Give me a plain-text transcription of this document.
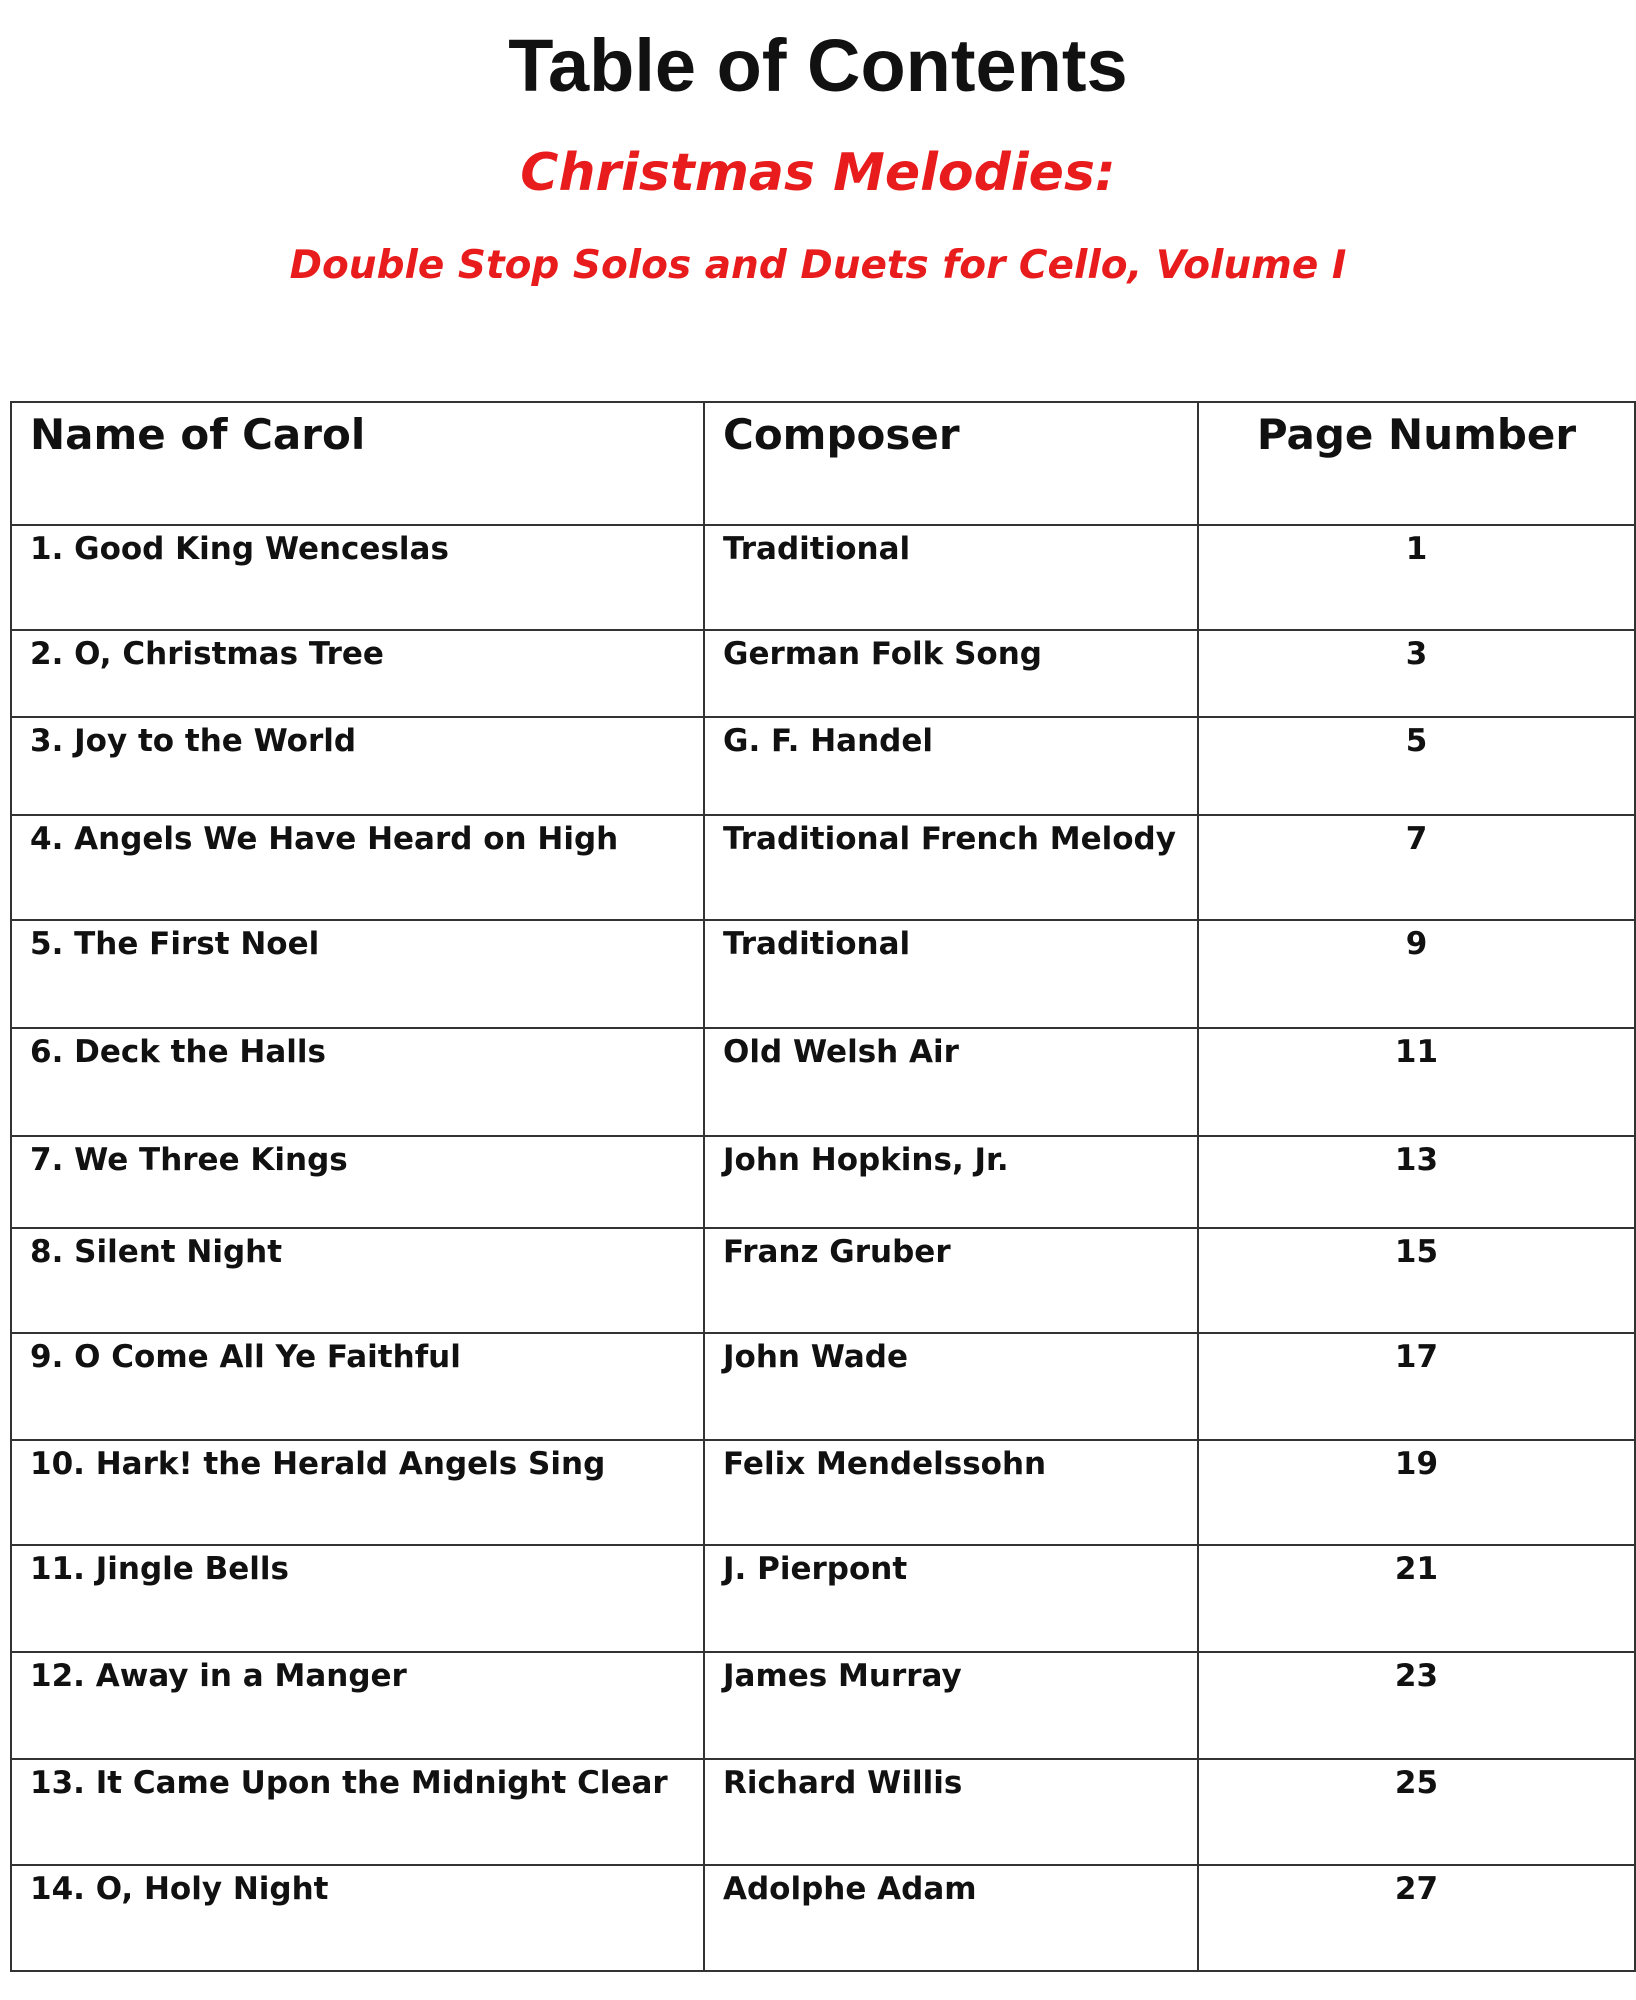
Table of Contents
Christmas Melodies:
Double Stop Solos and Duets for Cello, Volume I
Name of Carol	Composer	Page Number

1. Good King Wenceslas	Traditional	1

2. O, Christmas Tree	German Folk Song	3

3. Joy to the World	G. F. Handel	5

4. Angels We Have Heard on High	Traditional French Melody	7

5. The First Noel	Traditional	9

6. Deck the Halls	Old Welsh Air	11

7. We Three Kings	John Hopkins, Jr.	13

8. Silent Night	Franz Gruber	15

9. O Come All Ye Faithful	John Wade	17

10. Hark! the Herald Angels Sing	Felix Mendelssohn	19

11. Jingle Bells	J. Pierpont	21

12. Away in a Manger	James Murray	23

13. It Came Upon the Midnight Clear	Richard Willis	25

14. O, Holy Night	Adolphe Adam	27
